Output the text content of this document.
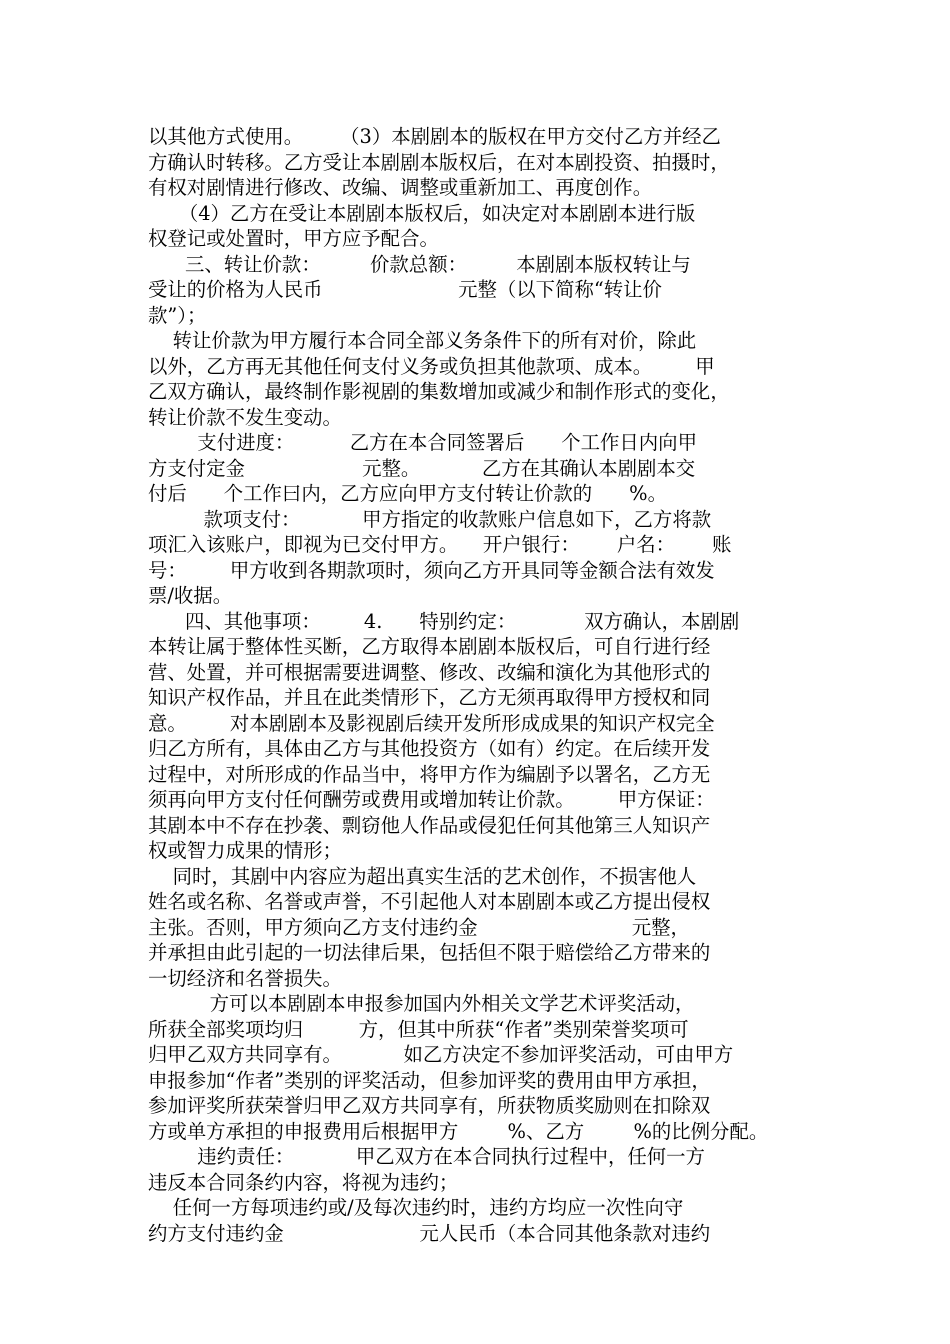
以其他方式使用。      （3）本剧剧本的版权在甲方交付乙方并经乙
方确认时转移。乙方受让本剧剧本版权后，在对本剧投资、拍摄时，
有权对剧情进行修改、改编、调整或重新加工、再度创作。
（4）乙方在受让本剧剧本版权后，如决定对本剧剧本进行版
权登记或处置时，甲方应予配合。
三、转让价款：        价款总额：        本剧剧本版权转让与
受让的价格为人民币                      元整（以下简称“转让价
款”）；
转让价款为甲方履行本合同全部义务条件下的所有对价，除此
以外，乙方再无其他任何支付义务或负担其他款项、成本。       甲
乙双方确认，最终制作影视剧的集数增加或减少和制作形式的变化，
转让价款不发生变动。
支付进度：         乙方在本合同签署后      个工作日内向甲
方支付定金                   元整。          乙方在其确认本剧剧本交
付后      个工作曰内，乙方应向甲方支付转让价款的      %。
款项支付：          甲方指定的收款账户信息如下，乙方将款
项汇入该账户，即视为已交付甲方。    开户银行：      户名：      账
号：       甲方收到各期款项时，须向乙方开具同等金额合法有效发
票/收据。
四、其他事项：       4.      特别约定：           双方确认，本剧剧
本转让属于整体性买断，乙方取得本剧剧本版权后，可自行进行经
营、处置，并可根据需要进调整、修改、改编和演化为其他形式的
知识产权作品，并且在此类情形下，乙方无须再取得甲方授权和同
意。       对本剧剧本及影视剧后续开发所形成成果的知识产权完全
归乙方所有，具体由乙方与其他投资方（如有）约定。在后续开发
过程中，对所形成的作品当中，将甲方作为编剧予以署名，乙方无
须再向甲方支付任何酬劳或费用或增加转让价款。       甲方保证：
其剧本中不存在抄袭、剽窃他人作品或侵犯任何其他第三人知识产
权或智力成果的情形；
同时，其剧中内容应为超出真实生活的艺术创作，不损害他人
姓名或名称、名誉或声誉，不引起他人对本剧剧本或乙方提出侵权
主张。否则，甲方须向乙方支付违约金                         元整，
并承担由此引起的一切法律后果，包括但不限于赔偿给乙方带来的
一切经济和名誉损失。
方可以本剧剧本申报参加国内外相关文学艺术评奖活动，
所获全部奖项均归         方，但其中所获“作者”类别荣誉奖项可
归甲乙双方共同享有。          如乙方决定不参加评奖活动，可由甲方
申报参加“作者”类别的评奖活动，但参加评奖的费用由甲方承担，
参加评奖所获荣誉归甲乙双方共同享有，所获物质奖励则在扣除双
方或单方承担的申报费用后根据甲方        %、乙方        %的比例分配。
违约责任：          甲乙双方在本合同执行过程中，任何一方
违反本合同条约内容，将视为违约；
任何一方每项违约或/及每次违约时，违约方均应一次性向守
约方支付违约金                      元人民币（本合同其他条款对违约
